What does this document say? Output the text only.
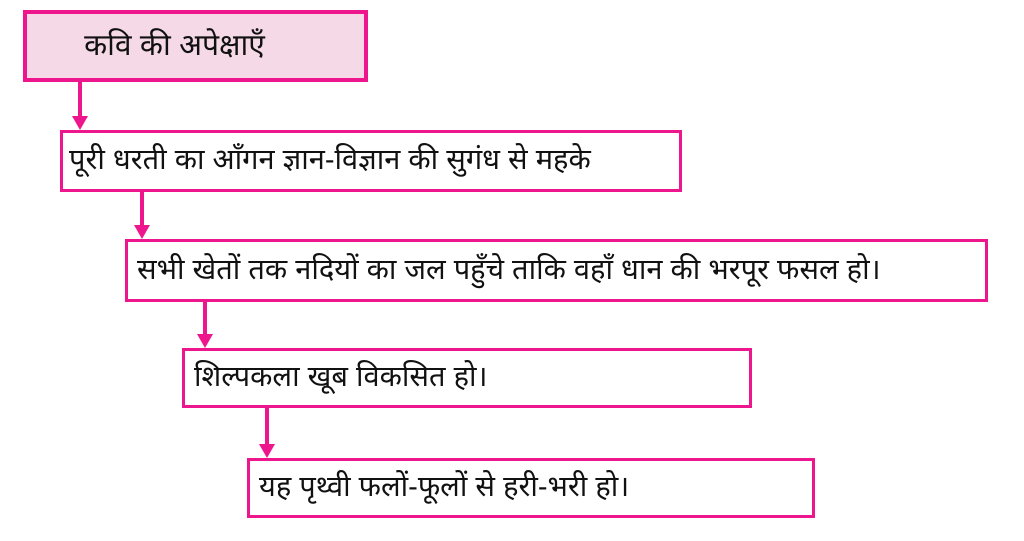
कवि की अपेक्षाएँ
पूरी धरती का आँगन ज्ञान-विज्ञान की सुगंध से महके
सभी खेतों तक नदियों का जल पहुँचे ताकि वहाँ धान की भरपूर फसल हो।
शिल्पकला खूब विकसित हो।
यह पृथ्वी फलों-फूलों से हरी-भरी हो।
